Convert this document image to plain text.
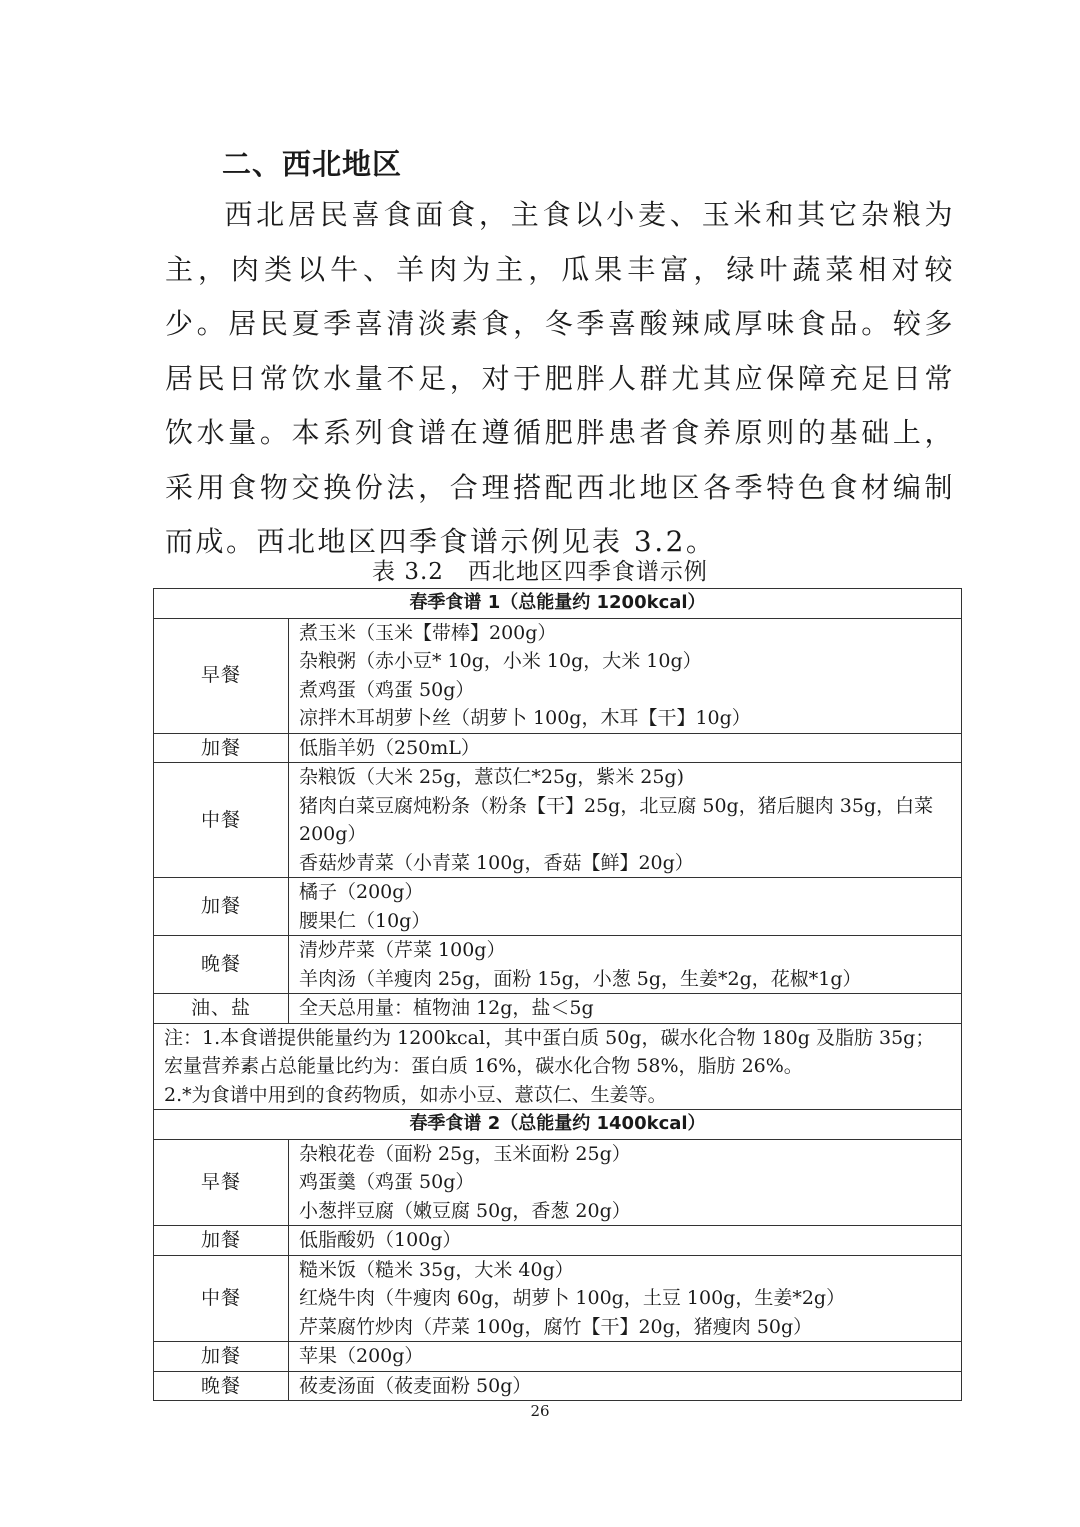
二、西北地区
西北居民喜食面食，主食以小麦、玉米和其它杂粮为主，肉类以牛、羊肉为主，瓜果丰富，绿叶蔬菜相对较少。居民夏季喜清淡素食，冬季喜酸辣咸厚味食品。较多居民日常饮水量不足，对于肥胖人群尤其应保障充足日常饮水量。本系列食谱在遵循肥胖患者食养原则的基础上，采用食物交换份法，合理搭配西北地区各季特色食材编制而成。西北地区四季食谱示例见表 3.2。
表 3.2　西北地区四季食谱示例
春季食谱 1（总能量约 1200kcal）	
早餐	煮玉米（玉米【带棒】200g）
杂粮粥（赤小豆* 10g，小米 10g，大米 10g）
煮鸡蛋（鸡蛋 50g）
凉拌木耳胡萝卜丝（胡萝卜 100g，木耳【干】10g）

加餐	低脂羊奶（250mL）

中餐	杂粮饭（大米 25g，薏苡仁*25g，紫米 25g)
猪肉白菜豆腐炖粉条（粉条【干】25g，北豆腐 50g，猪后腿肉 35g，白菜 200g）
香菇炒青菜（小青菜 100g，香菇【鲜】20g）

加餐	橘子（200g）
腰果仁（10g）

晚餐	清炒芹菜（芹菜 100g）
羊肉汤（羊瘦肉 25g，面粉 15g，小葱 5g，生姜*2g，花椒*1g）

油、盐	全天总用量：植物油 12g，盐＜5g

注：1.本食谱提供能量约为 1200kcal，其中蛋白质 50g，碳水化合物 180g 及脂肪 35g；宏量营养素占总能量比约为：蛋白质 16%，碳水化合物 58%，脂肪 26%。
2.*为食谱中用到的食药物质，如赤小豆、薏苡仁、生姜等。	

春季食谱 2（总能量约 1400kcal）	
早餐	杂粮花卷（面粉 25g，玉米面粉 25g）
鸡蛋羹（鸡蛋 50g）
小葱拌豆腐（嫩豆腐 50g，香葱 20g）

加餐	低脂酸奶（100g）

中餐	糙米饭（糙米 35g，大米 40g）
红烧牛肉（牛瘦肉 60g，胡萝卜 100g，土豆 100g，生姜*2g）
芹菜腐竹炒肉（芹菜 100g，腐竹【干】20g，猪瘦肉 50g）

加餐	苹果（200g）

晚餐	莜麦汤面（莜麦面粉 50g）
26
